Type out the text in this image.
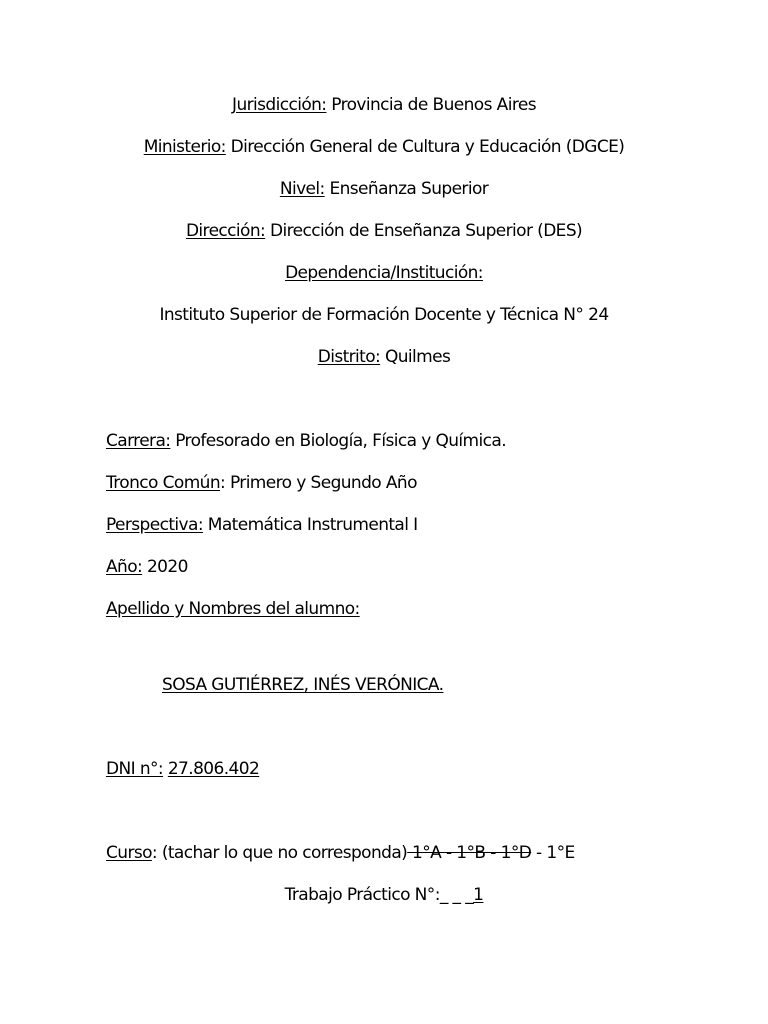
Jurisdicción: Provincia de Buenos Aires
Ministerio: Dirección General de Cultura y Educación (DGCE)
Nivel: Enseñanza Superior
Dirección: Dirección de Enseñanza Superior (DES)
Dependencia/Institución:
Instituto Superior de Formación Docente y Técnica N° 24
Distrito: Quilmes
Carrera: Profesorado en Biología, Física y Química.
Tronco Común: Primero y Segundo Año
Perspectiva: Matemática Instrumental I
Año: 2020
Apellido y Nombres del alumno:
SOSA GUTIÉRREZ, INÉS VERÓNICA.
DNI n°: 27.806.402
Curso: (tachar lo que no corresponda) 1°A - 1°B - 1°D - 1°E
Trabajo Práctico N°:_ _ _1
